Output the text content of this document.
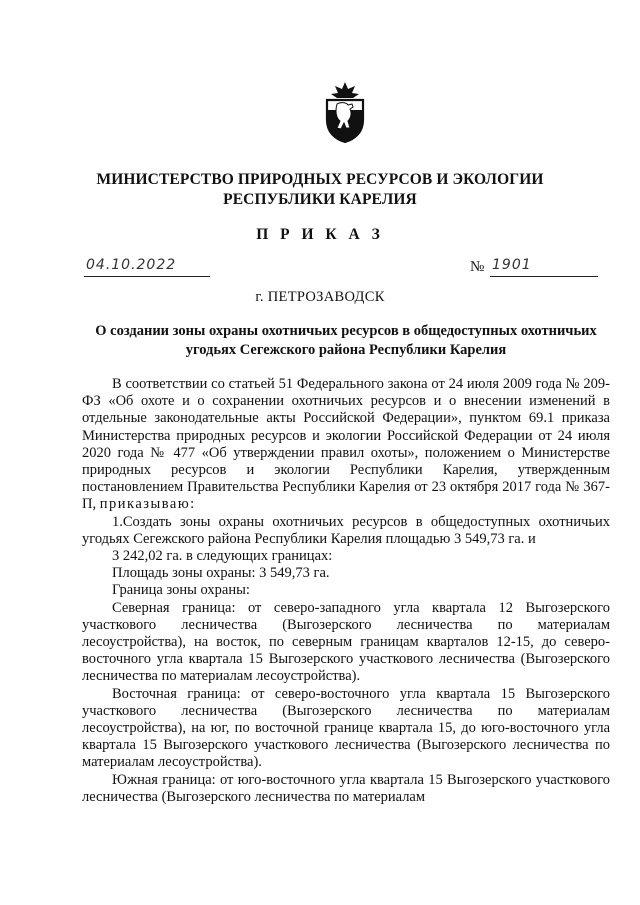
МИНИСТЕРСТВО ПРИРОДНЫХ РЕСУРСОВ И ЭКОЛОГИИ
РЕСПУБЛИКИ КАРЕЛИЯ
П Р И К А З
04.10.2022	№ 1901
г. ПЕТРОЗАВОДСК
О создании зоны охраны охотничьих ресурсов в общедоступных охотничьих
угодьях Сегежского района Республики Карелия

В соответствии со статьей 51 Федерального закона от 24 июля 2009 года № 209-ФЗ «Об охоте и о сохранении охотничьих ресурсов и о внесении изменений в отдельные законодательные акты Российской Федерации», пунктом 69.1 приказа Министерства природных ресурсов и экологии Российской Федерации от 24 июля 2020 года № 477 «Об утверждении правил охоты», положением о Министерстве природных ресурсов и экологии Республики Карелия, утвержденным постановлением Правительства Республики Карелия от 23 октября 2017 года № 367-П, приказываю:

1.Создать зоны охраны охотничьих ресурсов в общедоступных охотничьих угодьях Сегежского района Республики Карелия площадью 3 549,73 га. и

3 242,02 га. в следующих границах:

Площадь зоны охраны: 3 549,73 га.

Граница зоны охраны:

Северная граница: от северо-западного угла квартала 12 Выгозерского участкового лесничества (Выгозерского лесничества по материалам лесоустройства), на восток, по северным границам кварталов 12-15, до северо-восточного угла квартала 15 Выгозерского участкового лесничества (Выгозерского лесничества по материалам лесоустройства).

Восточная граница: от северо-восточного угла квартала 15 Выгозерского участкового лесничества (Выгозерского лесничества по материалам лесоустройства), на юг, по восточной границе квартала 15, до юго-восточного угла квартала 15 Выгозерского участкового лесничества (Выгозерского лесничества по материалам лесоустройства).

Южная граница: от юго-восточного угла квартала 15 Выгозерского участкового лесничества (Выгозерского лесничества по материалам
